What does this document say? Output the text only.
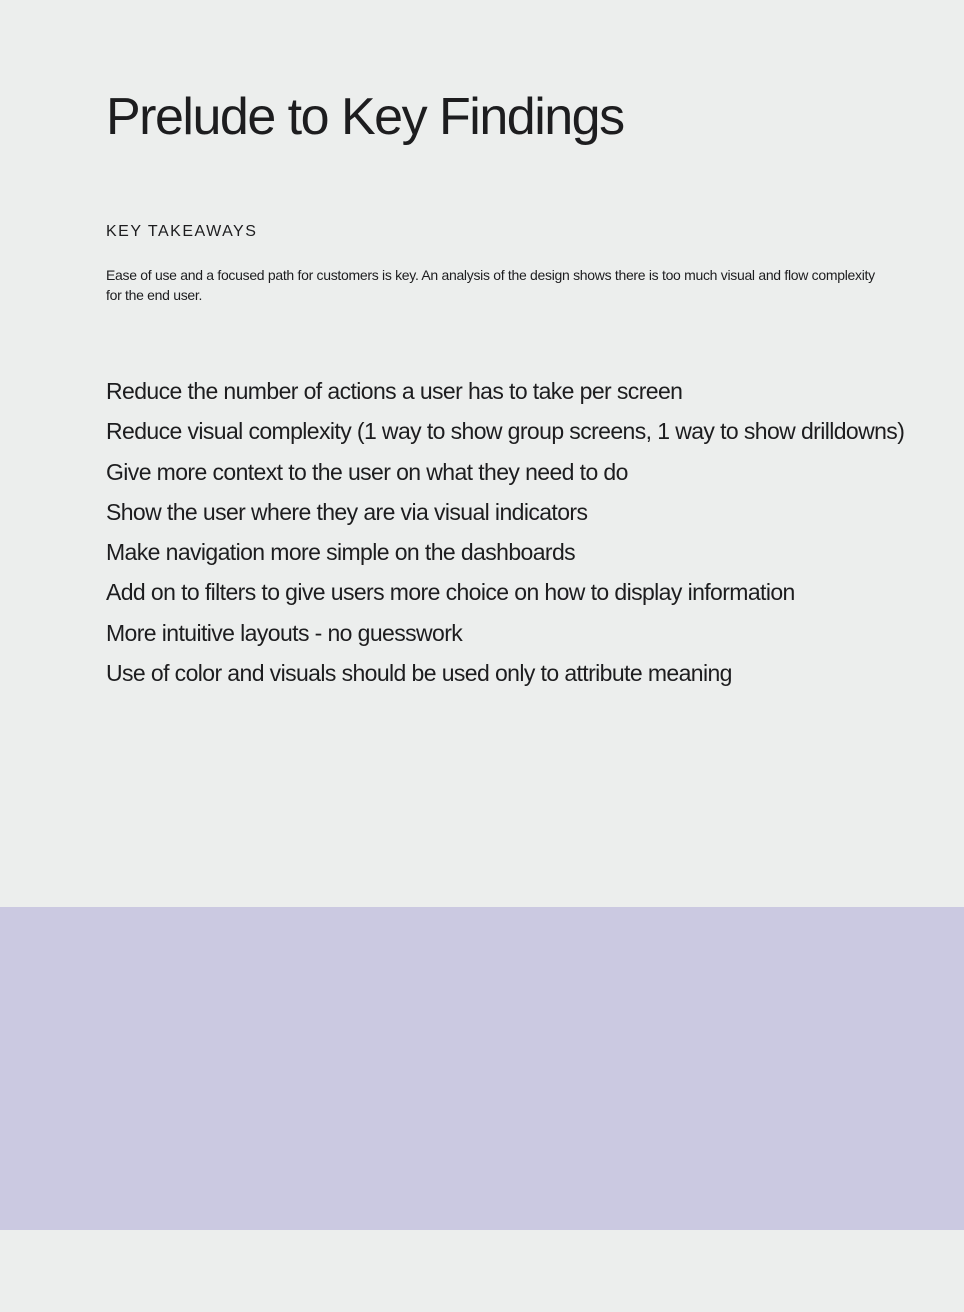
Prelude to Key Findings
KEY TAKEAWAYS

Ease of use and a focused path for customers is key. An analysis of the design shows there is too much visual and flow complexity for the end user.

Reduce the number of actions a user has to take per screen
Reduce visual complexity (1 way to show group screens, 1 way to show drilldowns)
Give more context to the user on what they need to do
Show the user where they are via visual indicators
Make navigation more simple on the dashboards
Add on to filters to give users more choice on how to display information
More intuitive layouts - no guesswork
Use of color and visuals should be used only to attribute meaning
